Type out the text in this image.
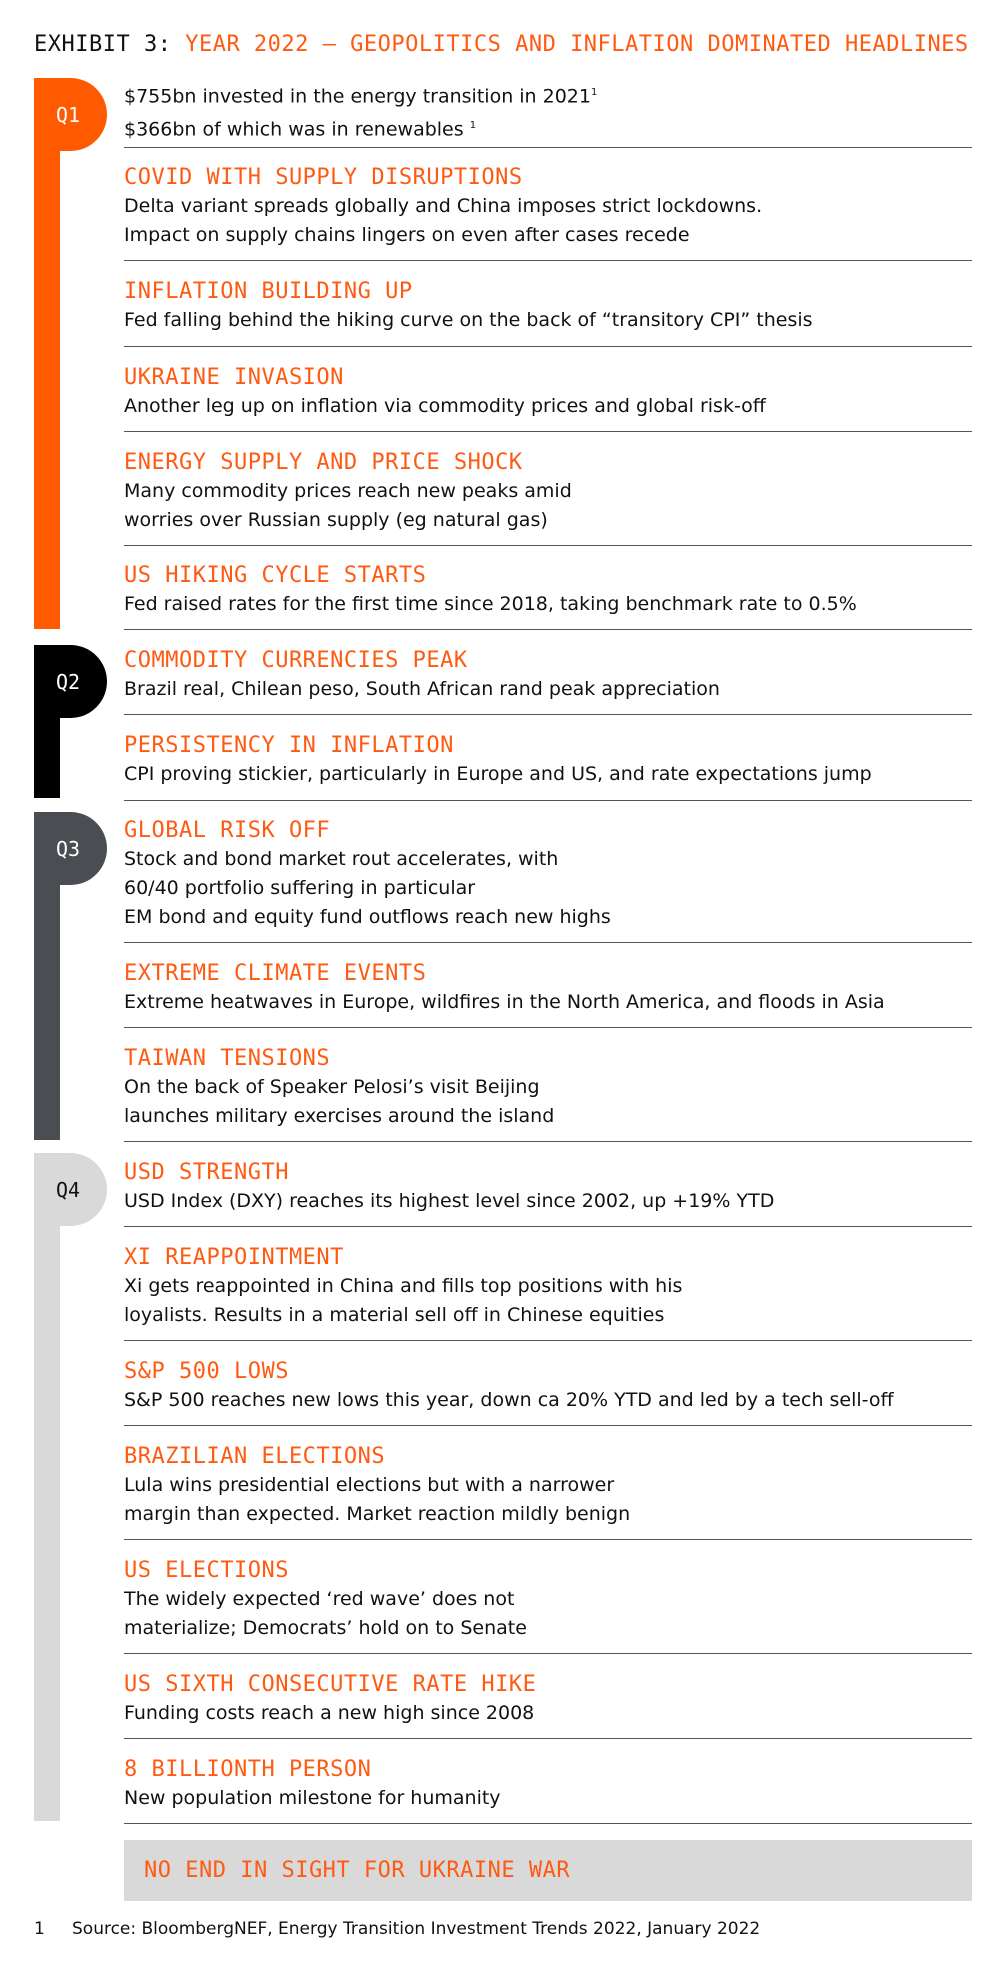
EXHIBIT 3: YEAR 2022 – GEOPOLITICS AND INFLATION DOMINATED HEADLINES
Q1
Q2
Q3
Q4
$755bn invested in the energy transition in 2021$^1$
$366bn of which was in renewables $^1$
COVID WITH SUPPLY DISRUPTIONS
Delta variant spreads globally and China imposes strict lockdowns.
Impact on supply chains lingers on even after cases recede
INFLATION BUILDING UP
Fed falling behind the hiking curve on the back of “transitory CPI” thesis
UKRAINE INVASION
Another leg up on inflation via commodity prices and global risk-off
ENERGY SUPPLY AND PRICE SHOCK
Many commodity prices reach new peaks amid
worries over Russian supply (eg natural gas)
US HIKING CYCLE STARTS
Fed raised rates for the first time since 2018, taking benchmark rate to 0.5%
COMMODITY CURRENCIES PEAK
Brazil real, Chilean peso, South African rand peak appreciation
PERSISTENCY IN INFLATION
CPI proving stickier, particularly in Europe and US, and rate expectations jump
GLOBAL RISK OFF
Stock and bond market rout accelerates, with
60/40 portfolio suffering in particular
EM bond and equity fund outflows reach new highs
EXTREME CLIMATE EVENTS
Extreme heatwaves in Europe, wildfires in the North America, and floods in Asia
TAIWAN TENSIONS
On the back of Speaker Pelosi’s visit Beijing
launches military exercises around the island
USD STRENGTH
USD Index (DXY) reaches its highest level since 2002, up +19% YTD
XI REAPPOINTMENT
Xi gets reappointed in China and fills top positions with his
loyalists. Results in a material sell off in Chinese equities
S&P 500 LOWS
S&P 500 reaches new lows this year, down ca 20% YTD and led by a tech sell-off
BRAZILIAN ELECTIONS
Lula wins presidential elections but with a narrower
margin than expected. Market reaction mildly benign
US ELECTIONS
The widely expected ‘red wave’ does not
materialize; Democrats’ hold on to Senate
US SIXTH CONSECUTIVE RATE HIKE
Funding costs reach a new high since 2008
8 BILLIONTH PERSON
New population milestone for humanity
NO END IN SIGHT FOR UKRAINE WAR
1 Source: BloombergNEF, Energy Transition Investment Trends 2022, January 2022
